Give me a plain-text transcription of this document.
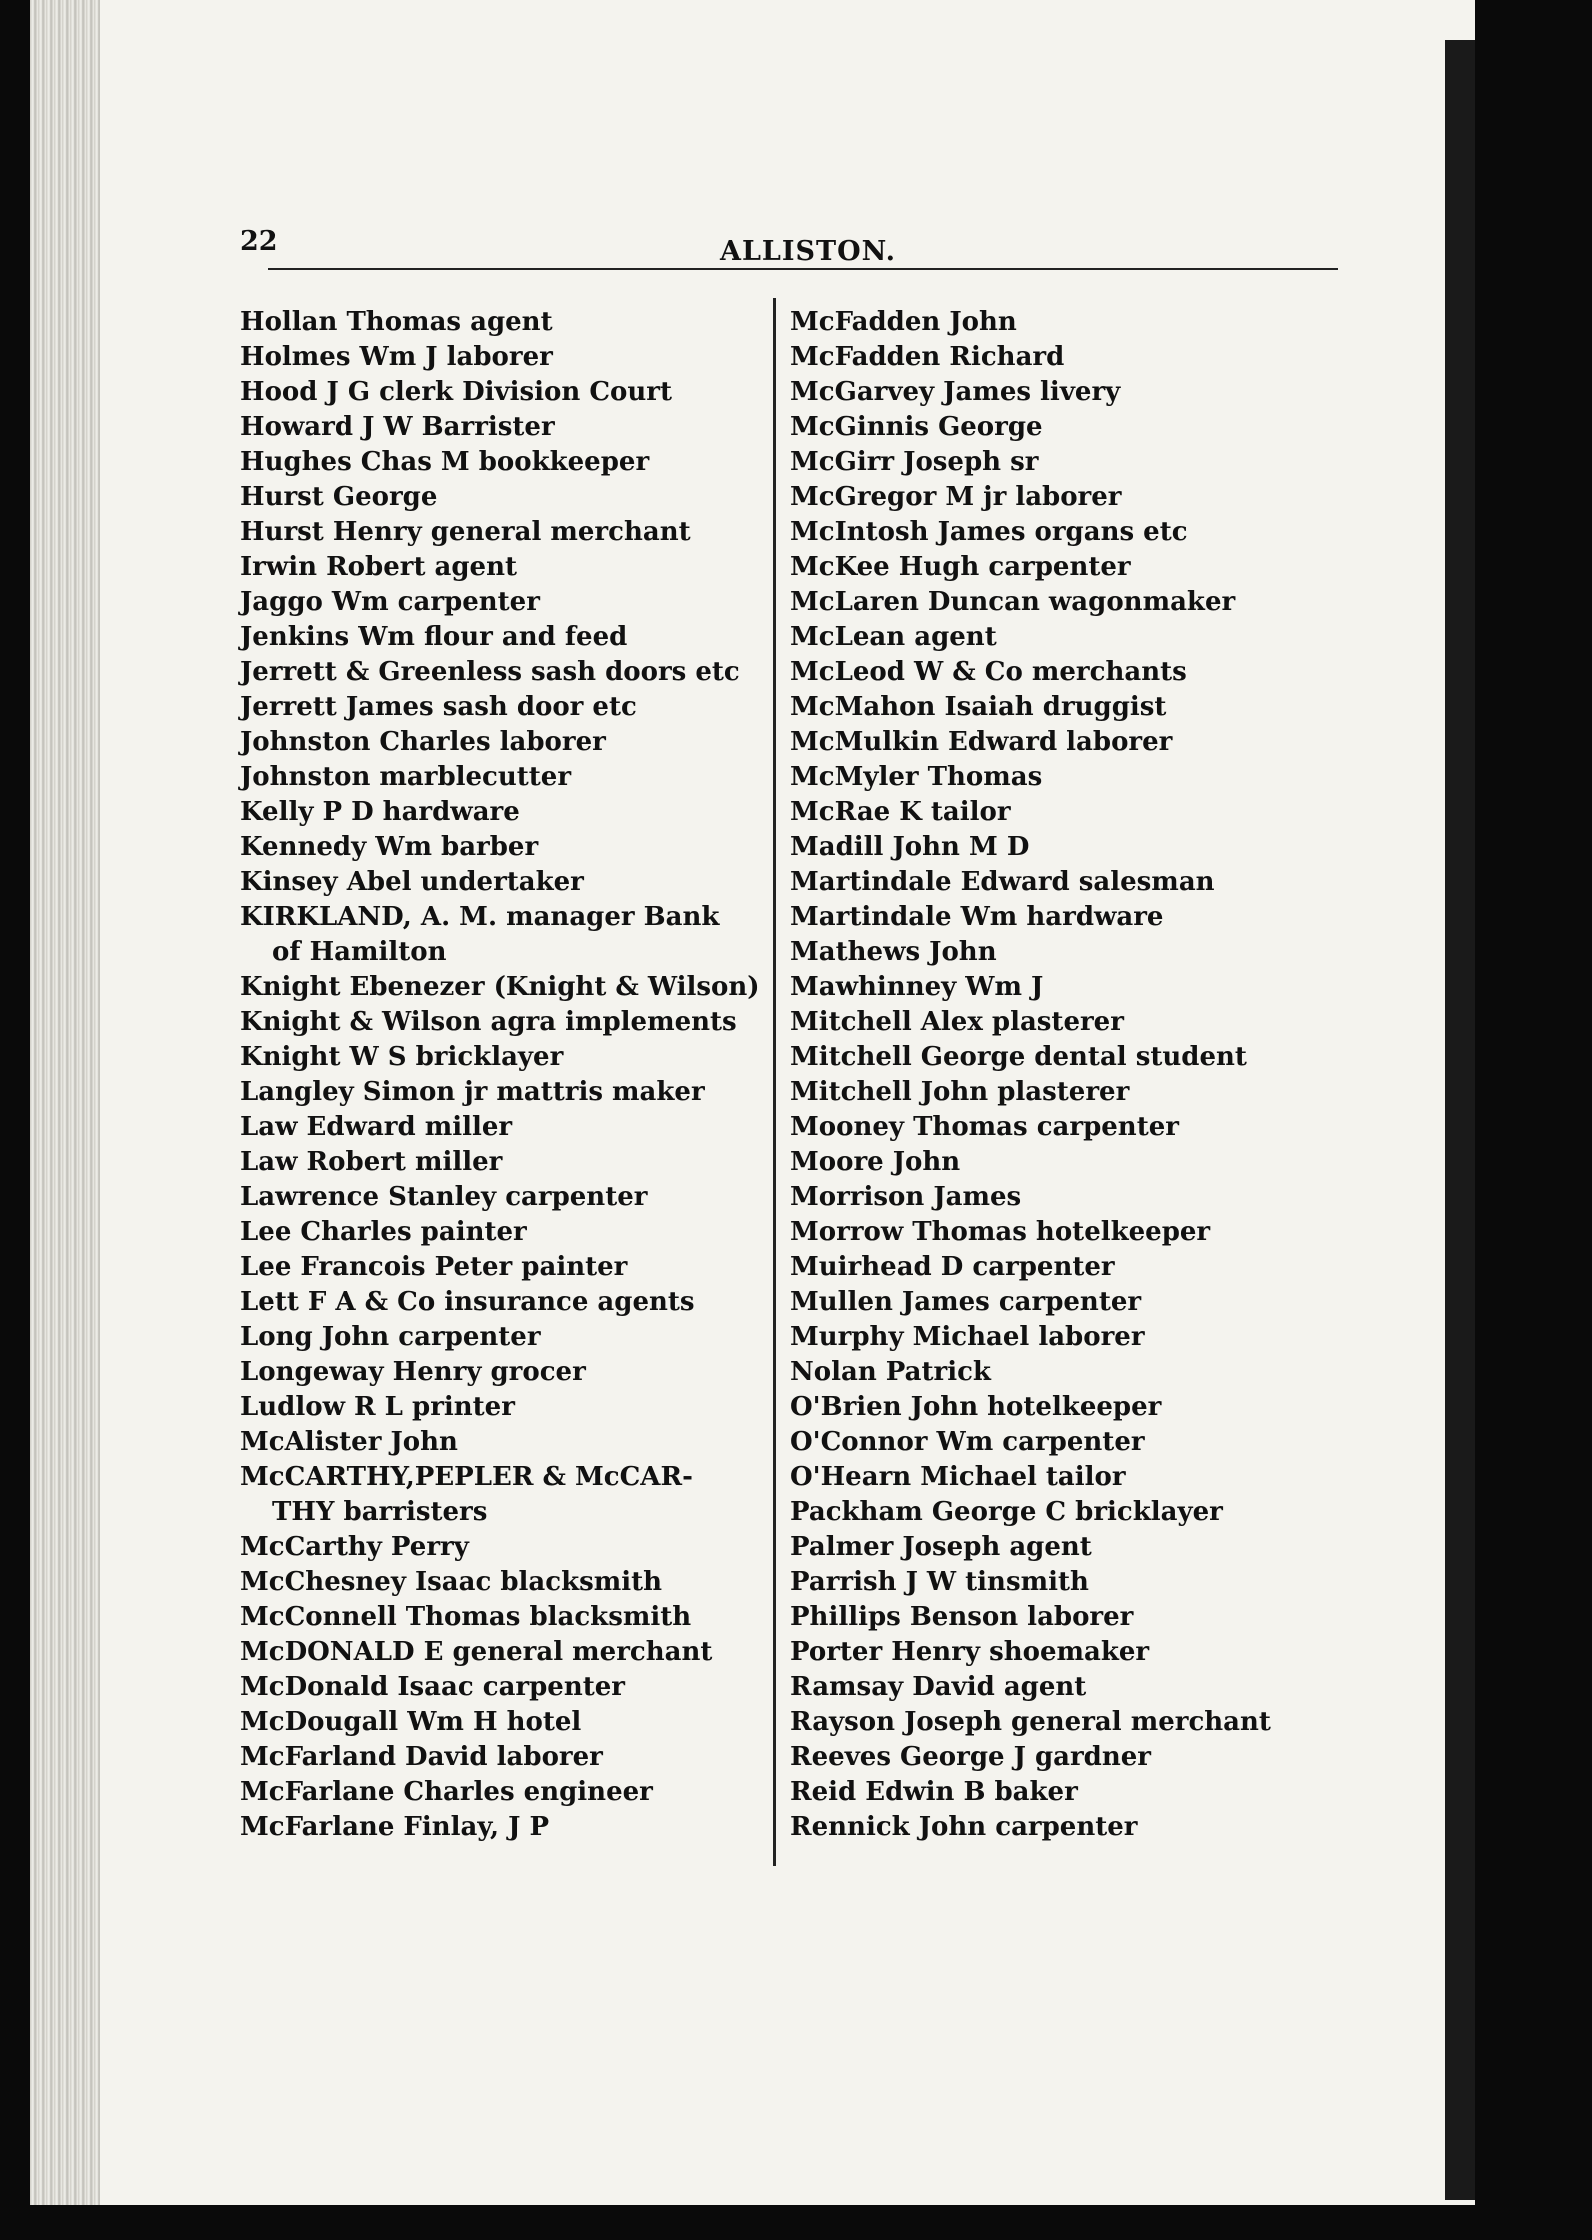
22	ALLISTON.
Hollan Thomas agent
Holmes Wm J laborer
Hood J G clerk Division Court
Howard J W Barrister
Hughes Chas M bookkeeper
Hurst George
Hurst Henry general merchant
Irwin Robert agent
Jaggo Wm carpenter
Jenkins Wm flour and feed
Jerrett & Greenless sash doors etc
Jerrett James sash door etc
Johnston Charles laborer
Johnston marblecutter
Kelly P D hardware
Kennedy Wm barber
Kinsey Abel undertaker
KIRKLAND, A. M. manager Bank
of Hamilton
Knight Ebenezer (Knight & Wilson)
Knight & Wilson agra implements
Knight W S bricklayer
Langley Simon jr mattris maker
Law Edward miller
Law Robert miller
Lawrence Stanley carpenter
Lee Charles painter
Lee Francois Peter painter
Lett F A & Co insurance agents
Long John carpenter
Longeway Henry grocer
Ludlow R L printer
McAlister John
McCARTHY,PEPLER & McCAR-
THY barristers
McCarthy Perry
McChesney Isaac blacksmith
McConnell Thomas blacksmith
McDONALD E general merchant
McDonald Isaac carpenter
McDougall Wm H hotel
McFarland David laborer
McFarlane Charles engineer
McFarlane Finlay, J P
McFadden John
McFadden Richard
McGarvey James livery
McGinnis George
McGirr Joseph sr
McGregor M jr laborer
McIntosh James organs etc
McKee Hugh carpenter
McLaren Duncan wagonmaker
McLean agent
McLeod W & Co merchants
McMahon Isaiah druggist
McMulkin Edward laborer
McMyler Thomas
McRae K tailor
Madill John M D
Martindale Edward salesman
Martindale Wm hardware
Mathews John
Mawhinney Wm J
Mitchell Alex plasterer
Mitchell George dental student
Mitchell John plasterer
Mooney Thomas carpenter
Moore John
Morrison James
Morrow Thomas hotelkeeper
Muirhead D carpenter
Mullen James carpenter
Murphy Michael laborer
Nolan Patrick
O'Brien John hotelkeeper
O'Connor Wm carpenter
O'Hearn Michael tailor
Packham George C bricklayer
Palmer Joseph agent
Parrish J W tinsmith
Phillips Benson laborer
Porter Henry shoemaker
Ramsay David agent
Rayson Joseph general merchant
Reeves George J gardner
Reid Edwin B baker
Rennick John carpenter
